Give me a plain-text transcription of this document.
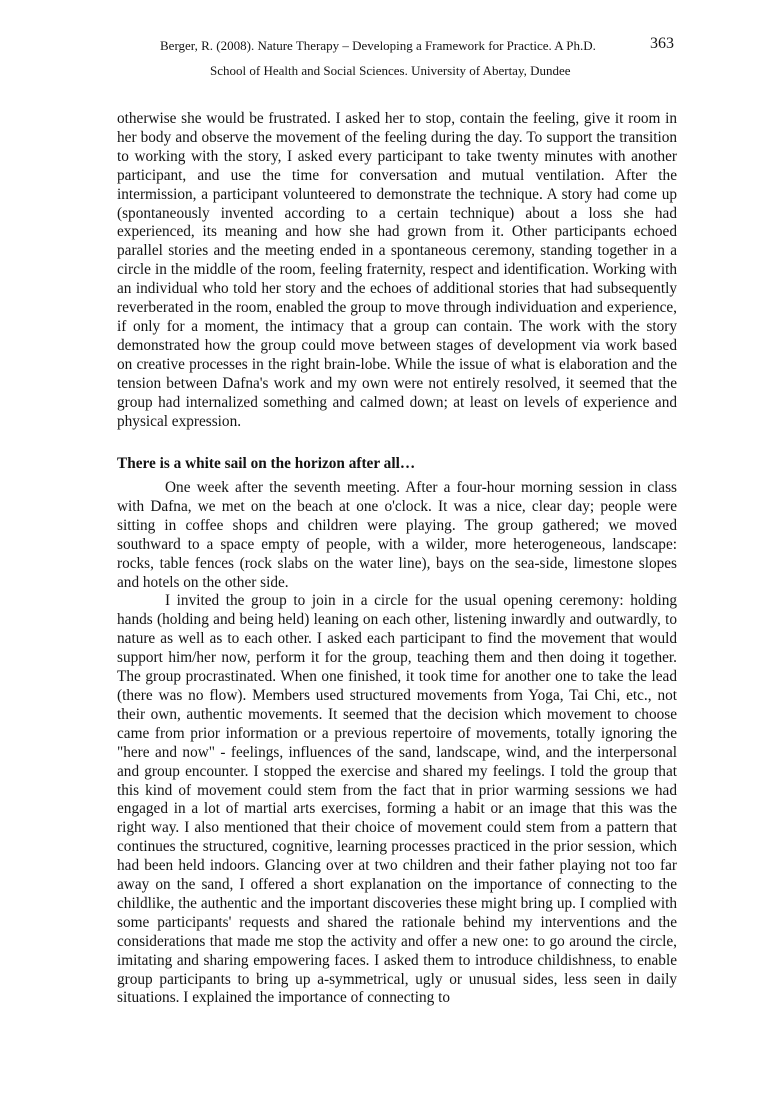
Berger, R. (2008). Nature Therapy – Developing a Framework for Practice. A Ph.D.	363
School of Health and Social Sciences. University of Abertay, Dundee

otherwise she would be frustrated. I asked her to stop, contain the feeling, give it room in her body and observe the movement of the feeling during the day. To support the transition to working with the story, I asked every participant to take twenty minutes with another participant, and use the time for conversation and mutual ventilation. After the intermission, a participant volunteered to demonstrate the technique. A story had come up (spontaneously invented according to a certain technique) about a loss she had experienced, its meaning and how she had grown from it. Other participants echoed parallel stories and the meeting ended in a spontaneous ceremony, standing together in a circle in the middle of the room, feeling fraternity, respect and identification. Working with an individual who told her story and the echoes of additional stories that had subsequently reverberated in the room, enabled the group to move through individuation and experience, if only for a moment, the intimacy that a group can contain. The work with the story demonstrated how the group could move between stages of development via work based on creative processes in the right brain-lobe. While the issue of what is elaboration and the tension between Dafna's work and my own were not entirely resolved, it seemed that the group had internalized something and calmed down; at least on levels of experience and physical expression.

There is a white sail on the horizon after all…

One week after the seventh meeting. After a four-hour morning session in class with Dafna, we met on the beach at one o'clock. It was a nice, clear day; people were sitting in coffee shops and children were playing. The group gathered; we moved southward to a space empty of people, with a wilder, more heterogeneous, landscape: rocks, table fences (rock slabs on the water line), bays on the sea-side, limestone slopes and hotels on the other side.

I invited the group to join in a circle for the usual opening ceremony: holding hands (holding and being held) leaning on each other, listening inwardly and outwardly, to nature as well as to each other. I asked each participant to find the movement that would support him/her now, perform it for the group, teaching them and then doing it together. The group procrastinated. When one finished, it took time for another one to take the lead (there was no flow). Members used structured movements from Yoga, Tai Chi, etc., not their own, authentic movements. It seemed that the decision which movement to choose came from prior information or a previous repertoire of movements, totally ignoring the "here and now" - feelings, influences of the sand, landscape, wind, and the interpersonal and group encounter. I stopped the exercise and shared my feelings. I told the group that this kind of movement could stem from the fact that in prior warming sessions we had engaged in a lot of martial arts exercises, forming a habit or an image that this was the right way. I also mentioned that their choice of movement could stem from a pattern that continues the structured, cognitive, learning processes practiced in the prior session, which had been held indoors. Glancing over at two children and their father playing not too far away on the sand, I offered a short explanation on the importance of connecting to the childlike, the authentic and the important discoveries these might bring up. I complied with some participants' requests and shared the rationale behind my interventions and the considerations that made me stop the activity and offer a new one: to go around the circle, imitating and sharing empowering faces. I asked them to introduce childishness, to enable group participants to bring up a-symmetrical, ugly or unusual sides, less seen in daily situations. I explained the importance of connecting to
